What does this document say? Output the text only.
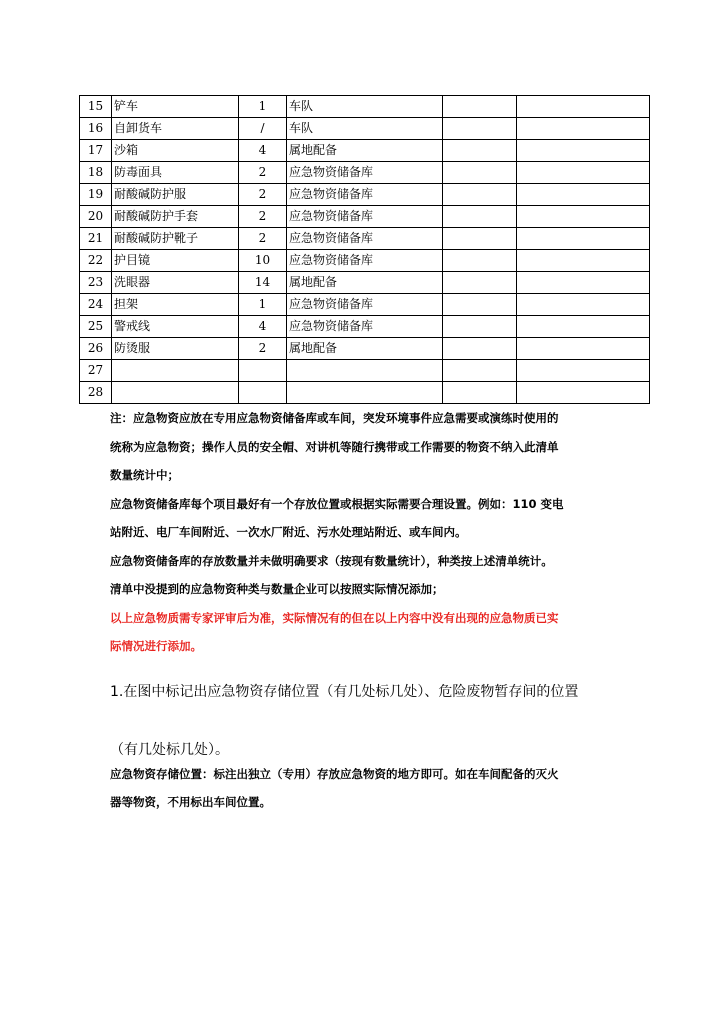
15	铲车	1	车队		
16	自卸货车	/	车队		
17	沙箱	4	属地配备		
18	防毒面具	2	应急物资储备库		
19	耐酸碱防护服	2	应急物资储备库		
20	耐酸碱防护手套	2	应急物资储备库		
21	耐酸碱防护靴子	2	应急物资储备库		
22	护目镜	10	应急物资储备库		
23	洗眼器	14	属地配备		
24	担架	1	应急物资储备库		
25	警戒线	4	应急物资储备库		
26	防烫服	2	属地配备		
27					
28					

注：应急物资应放在专用应急物资储备库或车间，突发环境事件应急需要或演练时使用的

统称为应急物资；操作人员的安全帽、对讲机等随行携带或工作需要的物资不纳入此清单

数量统计中；

应急物资储备库每个项目最好有一个存放位置或根据实际需要合理设置。例如：110 变电

站附近、电厂车间附近、一次水厂附近、污水处理站附近、或车间内。

应急物资储备库的存放数量并未做明确要求（按现有数量统计），种类按上述清单统计。

清单中没提到的应急物资种类与数量企业可以按照实际情况添加；

以上应急物质需专家评审后为准，实际情况有的但在以上内容中没有出现的应急物质已实

际情况进行添加。

1.在图中标记出应急物资存储位置（有几处标几处）、危险废物暂存间的位置

（有几处标几处）。

应急物资存储位置：标注出独立（专用）存放应急物资的地方即可。如在车间配备的灭火

器等物资，不用标出车间位置。
